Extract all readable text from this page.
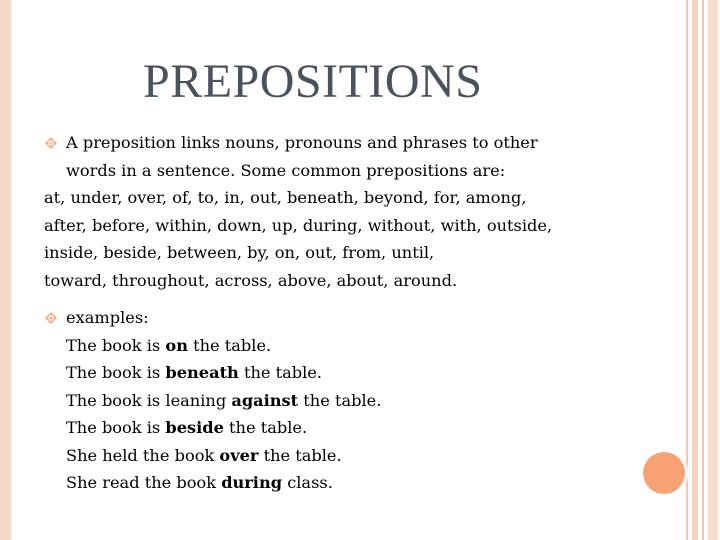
PREPOSITIONS
A preposition links nouns, pronouns and phrases to other
words in a sentence. Some common prepositions are:
at, under, over, of, to, in, out, beneath, beyond, for, among,
after, before, within, down, up, during, without, with, outside,
inside, beside, between, by, on, out, from, until,
toward, throughout, across, above, about, around.
examples:
The book is on the table.
The book is beneath the table.
The book is leaning against the table.
The book is beside the table.
She held the book over the table.
She read the book during class.
